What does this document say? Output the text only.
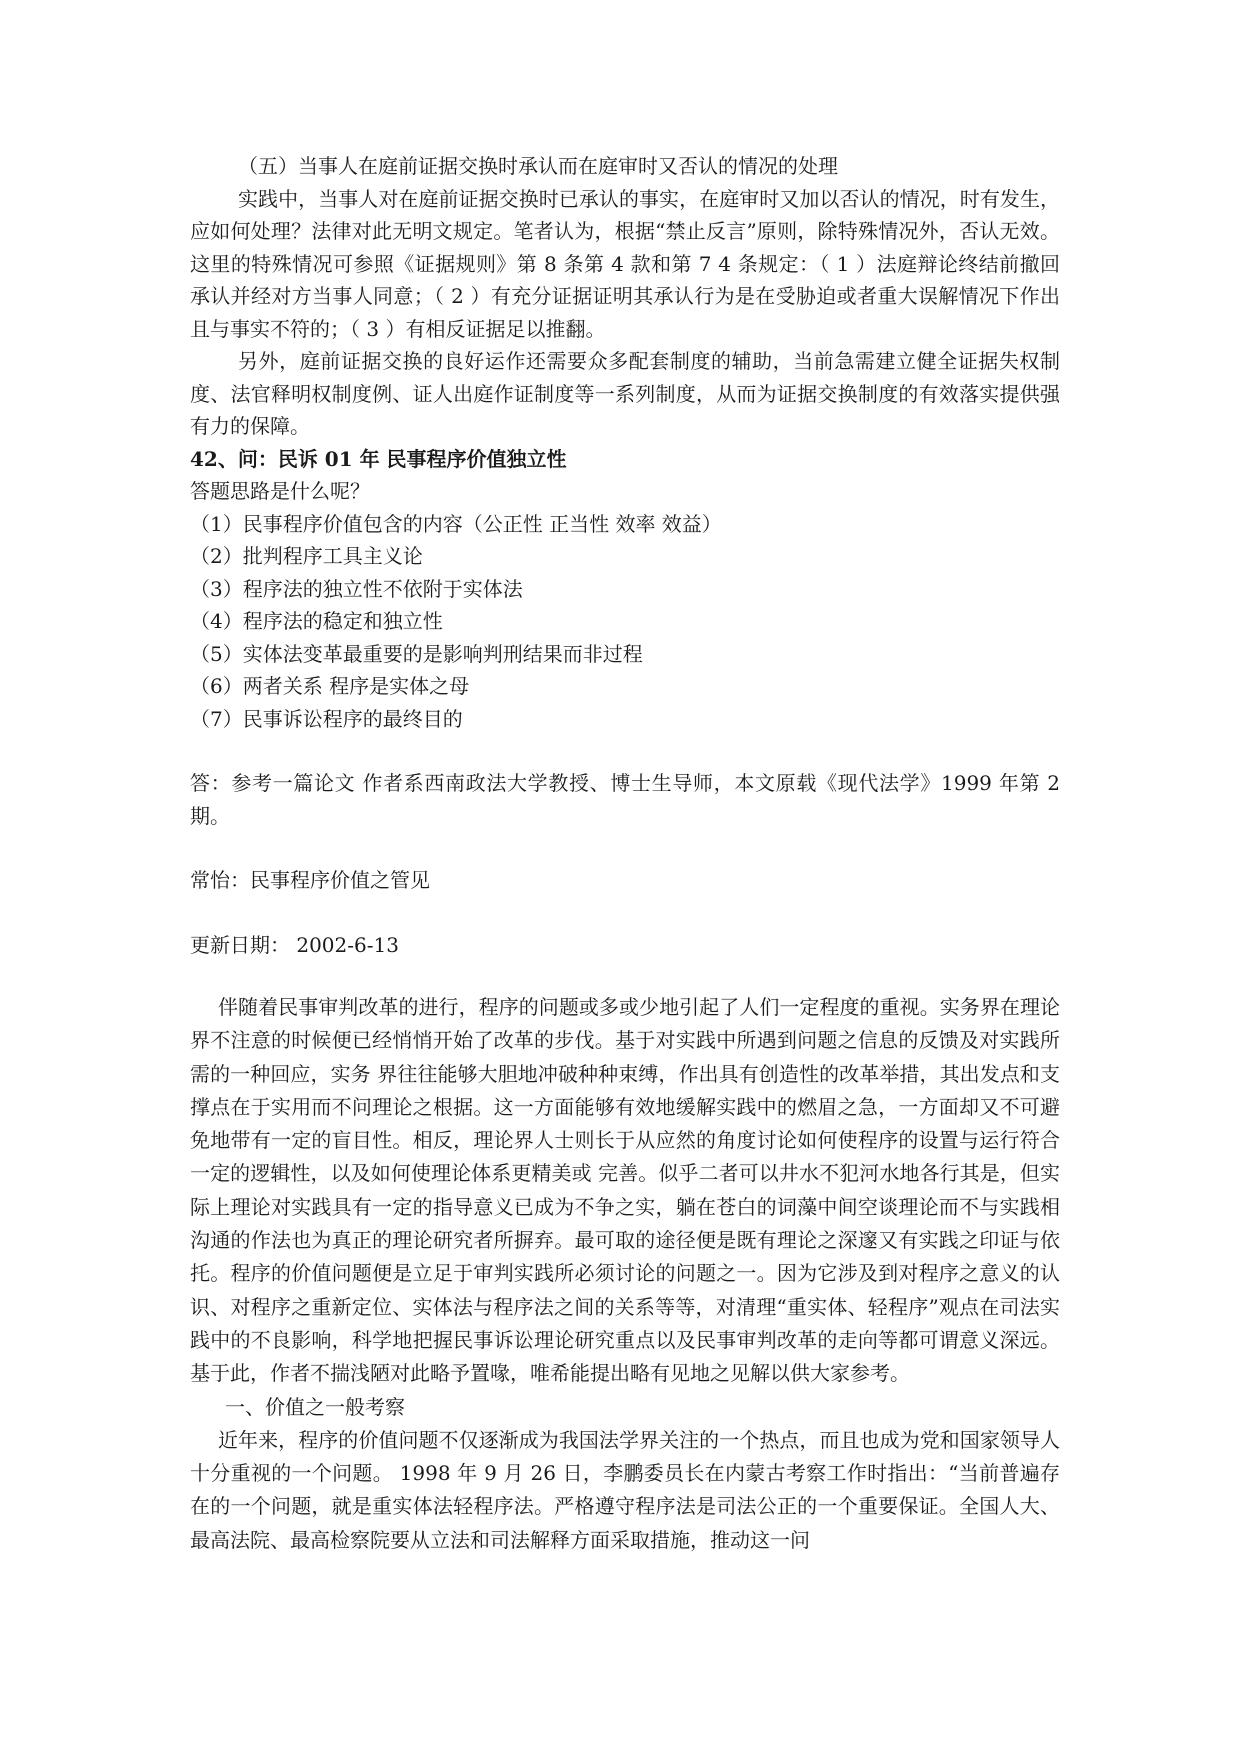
（五）当事人在庭前证据交换时承认而在庭审时又否认的情况的处理

实践中，当事人对在庭前证据交换时已承认的事实，在庭审时又加以否认的情况，时有发生，应如何处理？法律对此无明文规定。笔者认为，根据“禁止反言”原则，除特殊情况外，否认无效。这里的特殊情况可参照《证据规则》第 8 条第 4 款和第 7 4 条规定：（ 1 ）法庭辩论终结前撤回承认并经对方当事人同意；（ 2 ）有充分证据证明其承认行为是在受胁迫或者重大误解情况下作出且与事实不符的；（ 3 ）有相反证据足以推翻。

另外，庭前证据交换的良好运作还需要众多配套制度的辅助，当前急需建立健全证据失权制度、法官释明权制度例、证人出庭作证制度等一系列制度，从而为证据交换制度的有效落实提供强有力的保障。

42、问：民诉 01 年 民事程序价值独立性

答题思路是什么呢？

（1）民事程序价值包含的内容（公正性 正当性 效率 效益）

（2）批判程序工具主义论

（3）程序法的独立性不依附于实体法

（4）程序法的稳定和独立性

（5）实体法变革最重要的是影响判刑结果而非过程

（6）两者关系 程序是实体之母

（7）民事诉讼程序的最终目的

答：参考一篇论文 作者系西南政法大学教授、博士生导师，本文原载《现代法学》1999 年第 2 期。

常怡：民事程序价值之管见

更新日期： 2002-6-13

伴随着民事审判改革的进行，程序的问题或多或少地引起了人们一定程度的重视。实务界在理论界不注意的时候便已经悄悄开始了改革的步伐。基于对实践中所遇到问题之信息的反馈及对实践所需的一种回应，实务 界往往能够大胆地冲破种种束缚，作出具有创造性的改革举措，其出发点和支撑点在于实用而不问理论之根据。这一方面能够有效地缓解实践中的燃眉之急，一方面却又不可避免地带有一定的盲目性。相反，理论界人士则长于从应然的角度讨论如何使程序的设置与运行符合一定的逻辑性，以及如何使理论体系更精美或 完善。似乎二者可以井水不犯河水地各行其是，但实际上理论对实践具有一定的指导意义已成为不争之实，躺在苍白的词藻中间空谈理论而不与实践相沟通的作法也为真正的理论研究者所摒弃。最可取的途径便是既有理论之深邃又有实践之印证与依托。程序的价值问题便是立足于审判实践所必须讨论的问题之一。因为它涉及到对程序之意义的认识、对程序之重新定位、实体法与程序法之间的关系等等，对清理“重实体、轻程序”观点在司法实践中的不良影响，科学地把握民事诉讼理论研究重点以及民事审判改革的走向等都可谓意义深远。基于此，作者不揣浅陋对此略予置喙，唯希能提出略有见地之见解以供大家参考。

一、价值之一般考察

近年来，程序的价值问题不仅逐渐成为我国法学界关注的一个热点，而且也成为党和国家领导人十分重视的一个问题。 1998 年 9 月 26 日，李鹏委员长在内蒙古考察工作时指出：“当前普遍存在的一个问题，就是重实体法轻程序法。严格遵守程序法是司法公正的一个重要保证。全国人大、最高法院、最高检察院要从立法和司法解释方面采取措施，推动这一问
